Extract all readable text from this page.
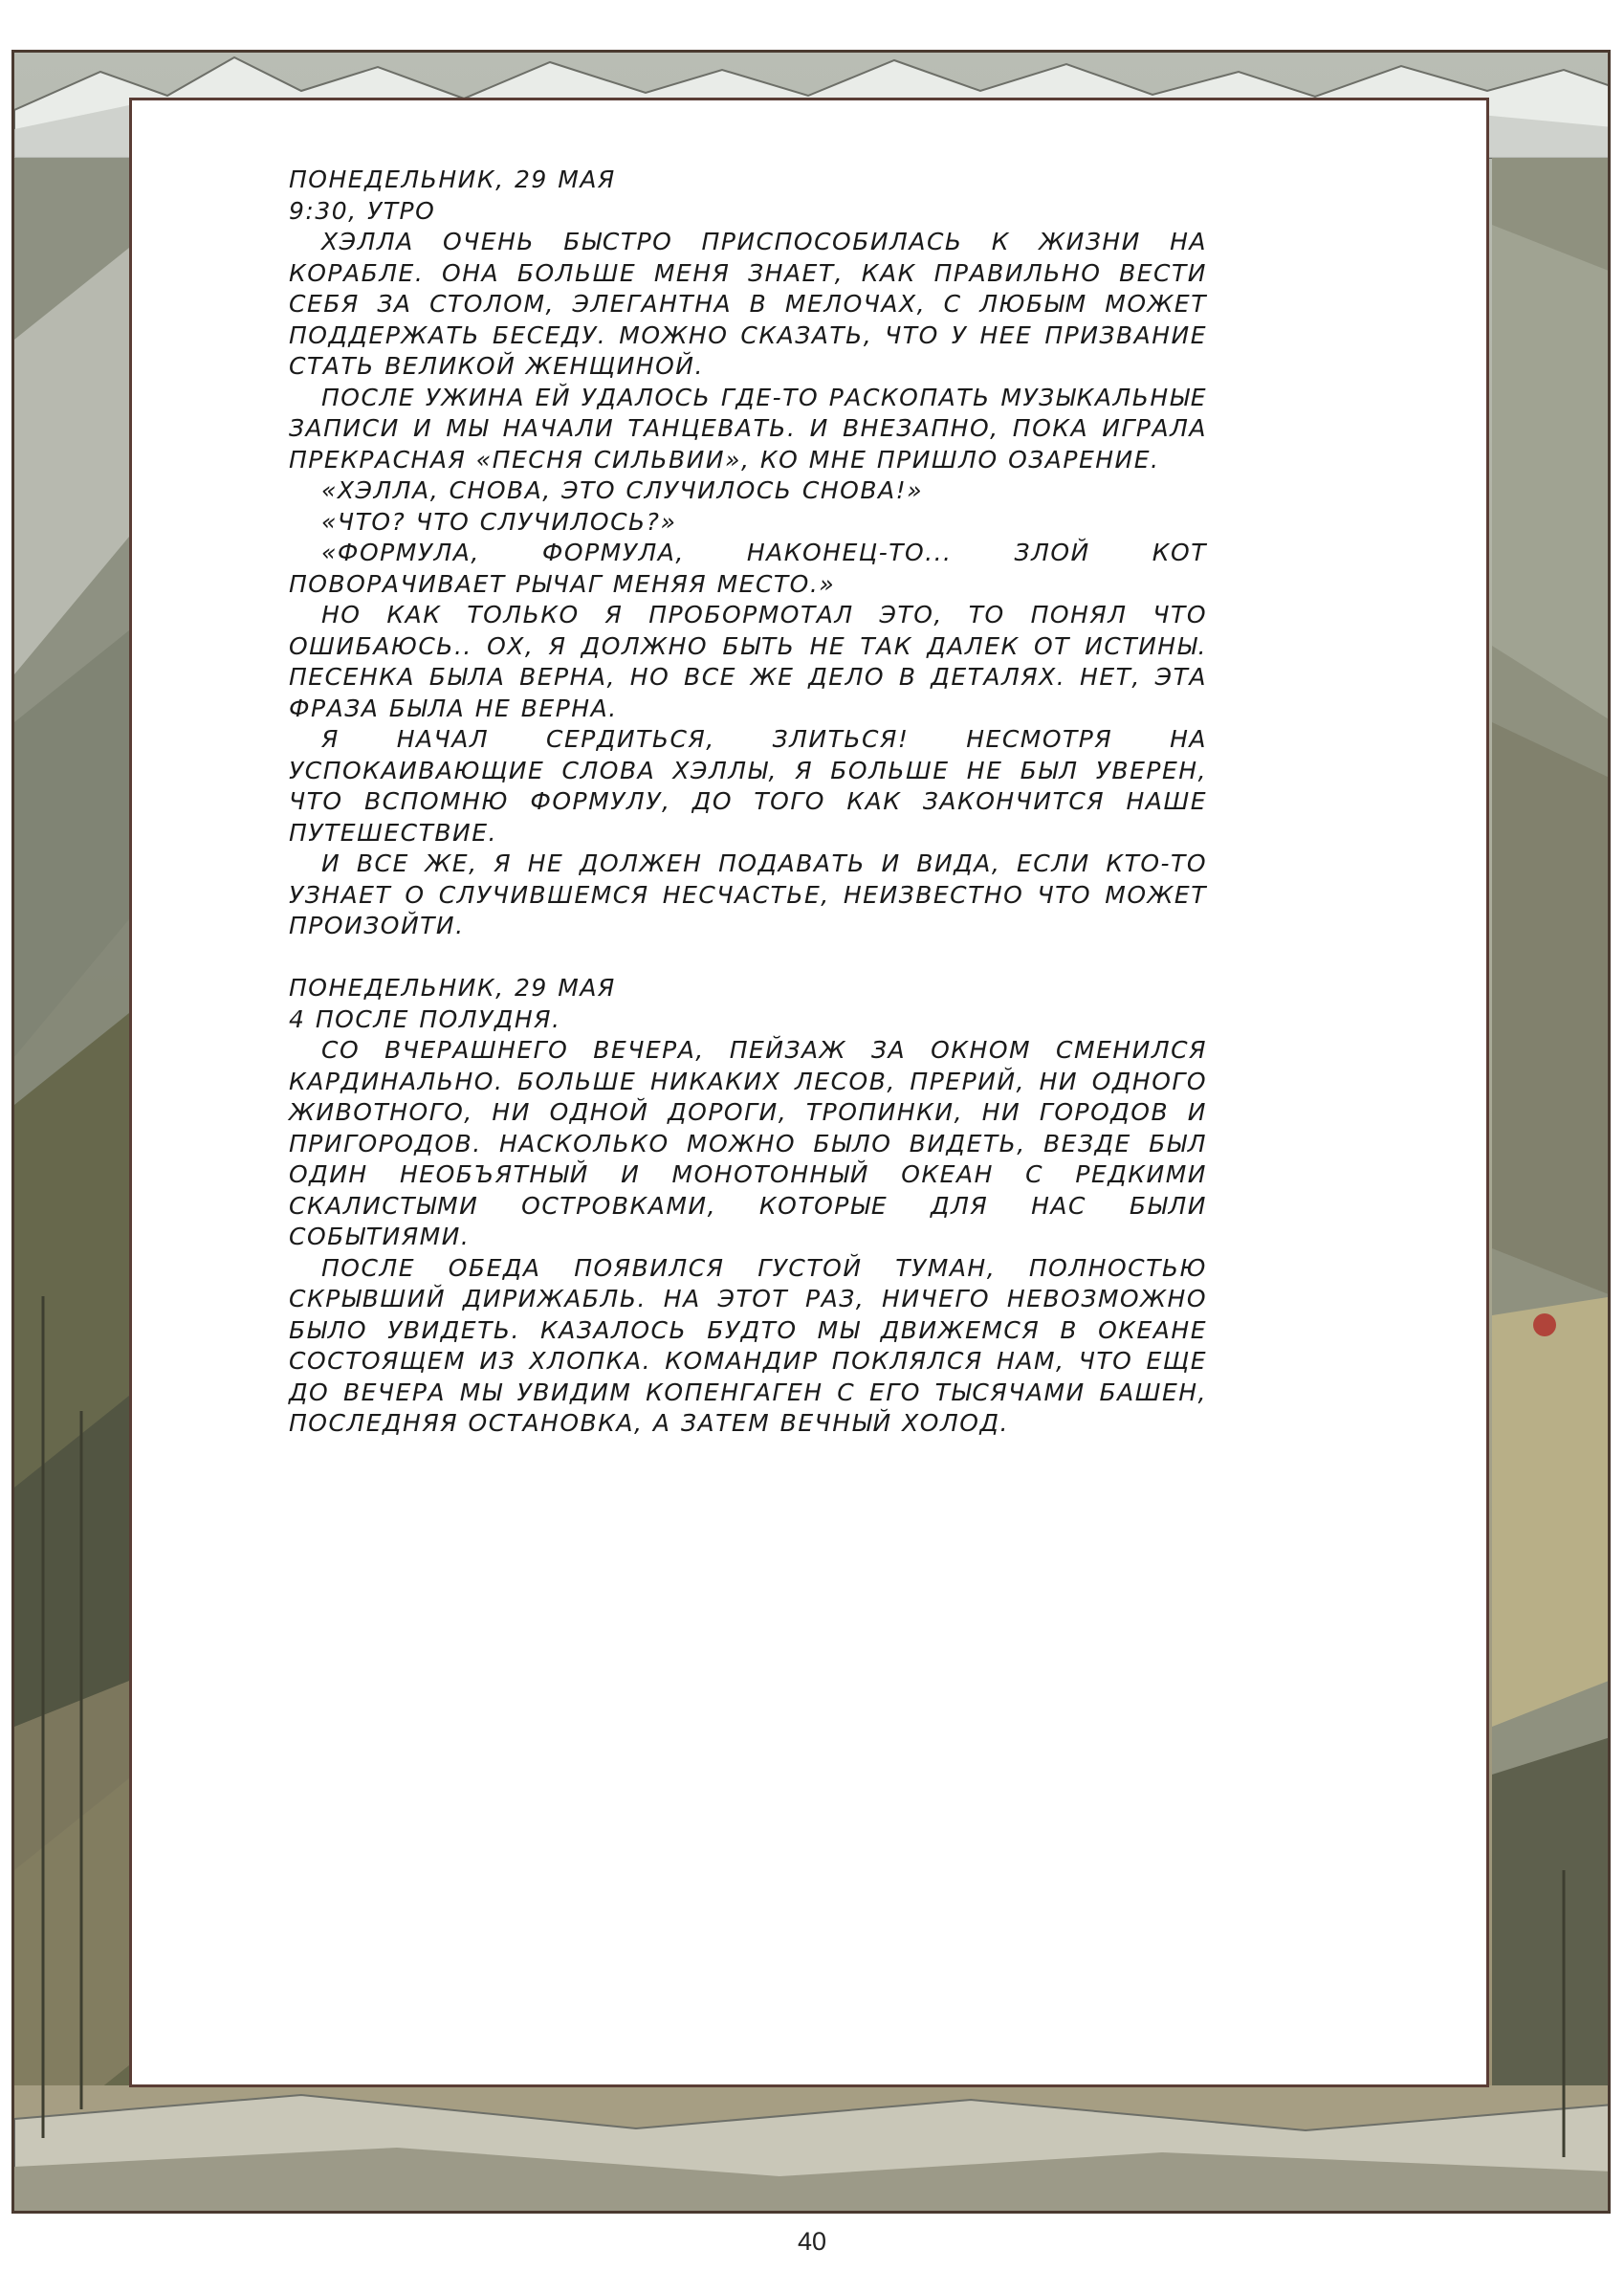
ПОНЕДЕЛЬНИК, 29 МАЯ
9:30, УТРО

ХЭЛЛА ОЧЕНЬ БЫСТРО ПРИСПОСОБИЛАСЬ К ЖИЗНИ НА КОРАБЛЕ. ОНА БОЛЬШЕ МЕНЯ ЗНАЕТ, КАК ПРАВИЛЬНО ВЕСТИ СЕБЯ ЗА СТОЛОМ, ЭЛЕГАНТНА В МЕЛОЧАХ, С ЛЮБЫМ МОЖЕТ ПОДДЕРЖАТЬ БЕСЕДУ. МОЖНО СКАЗАТЬ, ЧТО У НЕЕ ПРИЗВАНИЕ СТАТЬ ВЕЛИКОЙ ЖЕНЩИНОЙ.

ПОСЛЕ УЖИНА ЕЙ УДАЛОСЬ ГДЕ-ТО РАСКОПАТЬ МУЗЫКАЛЬНЫЕ ЗАПИСИ И МЫ НАЧАЛИ ТАНЦЕВАТЬ. И ВНЕЗАПНО, ПОКА ИГРАЛА ПРЕКРАСНАЯ «ПЕСНЯ СИЛЬВИИ», КО МНЕ ПРИШЛО ОЗАРЕНИЕ.

«ХЭЛЛА, СНОВА, ЭТО СЛУЧИЛОСЬ СНОВА!»

«ЧТО? ЧТО СЛУЧИЛОСЬ?»

«ФОРМУЛА, ФОРМУЛА, НАКОНЕЦ-ТО... ЗЛОЙ КОТ ПОВОРАЧИВАЕТ РЫЧАГ МЕНЯЯ МЕСТО.»

НО КАК ТОЛЬКО Я ПРОБОРМОТАЛ ЭТО, ТО ПОНЯЛ ЧТО ОШИБАЮСЬ.. ОХ, Я ДОЛЖНО БЫТЬ НЕ ТАК ДАЛЕК ОТ ИСТИНЫ. ПЕСЕНКА БЫЛА ВЕРНА, НО ВСЕ ЖЕ ДЕЛО В ДЕТАЛЯХ. НЕТ, ЭТА ФРАЗА БЫЛА НЕ ВЕРНА.

Я НАЧАЛ СЕРДИТЬСЯ, ЗЛИТЬСЯ! НЕСМОТРЯ НА УСПОКАИВАЮЩИЕ СЛОВА ХЭЛЛЫ, Я БОЛЬШЕ НЕ БЫЛ УВЕРЕН, ЧТО ВСПОМНЮ ФОРМУЛУ, ДО ТОГО КАК ЗАКОНЧИТСЯ НАШЕ ПУТЕШЕСТВИЕ.

И ВСЕ ЖЕ, Я НЕ ДОЛЖЕН ПОДАВАТЬ И ВИДА, ЕСЛИ КТО-ТО УЗНАЕТ О СЛУЧИВШЕМСЯ НЕСЧАСТЬЕ, НЕИЗВЕСТНО ЧТО МОЖЕТ ПРОИЗОЙТИ.

ПОНЕДЕЛЬНИК, 29 МАЯ
4 ПОСЛЕ ПОЛУДНЯ.

СО ВЧЕРАШНЕГО ВЕЧЕРА, ПЕЙЗАЖ ЗА ОКНОМ СМЕНИЛСЯ КАРДИНАЛЬНО. БОЛЬШЕ НИКАКИХ ЛЕСОВ, ПРЕРИЙ, НИ ОДНОГО ЖИВОТНОГО, НИ ОДНОЙ ДОРОГИ, ТРОПИНКИ, НИ ГОРОДОВ И ПРИГОРОДОВ. НАСКОЛЬКО МОЖНО БЫЛО ВИДЕТЬ, ВЕЗДЕ БЫЛ ОДИН НЕОБЪЯТНЫЙ И МОНОТОННЫЙ ОКЕАН С РЕДКИМИ СКАЛИСТЫМИ ОСТРОВКАМИ, КОТОРЫЕ ДЛЯ НАС БЫЛИ СОБЫТИЯМИ.

ПОСЛЕ ОБЕДА ПОЯВИЛСЯ ГУСТОЙ ТУМАН, ПОЛНОСТЬЮ СКРЫВШИЙ ДИРИЖАБЛЬ. НА ЭТОТ РАЗ, НИЧЕГО НЕВОЗМОЖНО БЫЛО УВИДЕТЬ. КАЗАЛОСЬ БУДТО МЫ ДВИЖЕМСЯ В ОКЕАНЕ СОСТОЯЩЕМ ИЗ ХЛОПКА. КОМАНДИР ПОКЛЯЛСЯ НАМ, ЧТО ЕЩЕ ДО ВЕЧЕРА МЫ УВИДИМ КОПЕНГАГЕН С ЕГО ТЫСЯЧАМИ БАШЕН, ПОСЛЕДНЯЯ ОСТАНОВКА, А ЗАТЕМ ВЕЧНЫЙ ХОЛОД.

40
